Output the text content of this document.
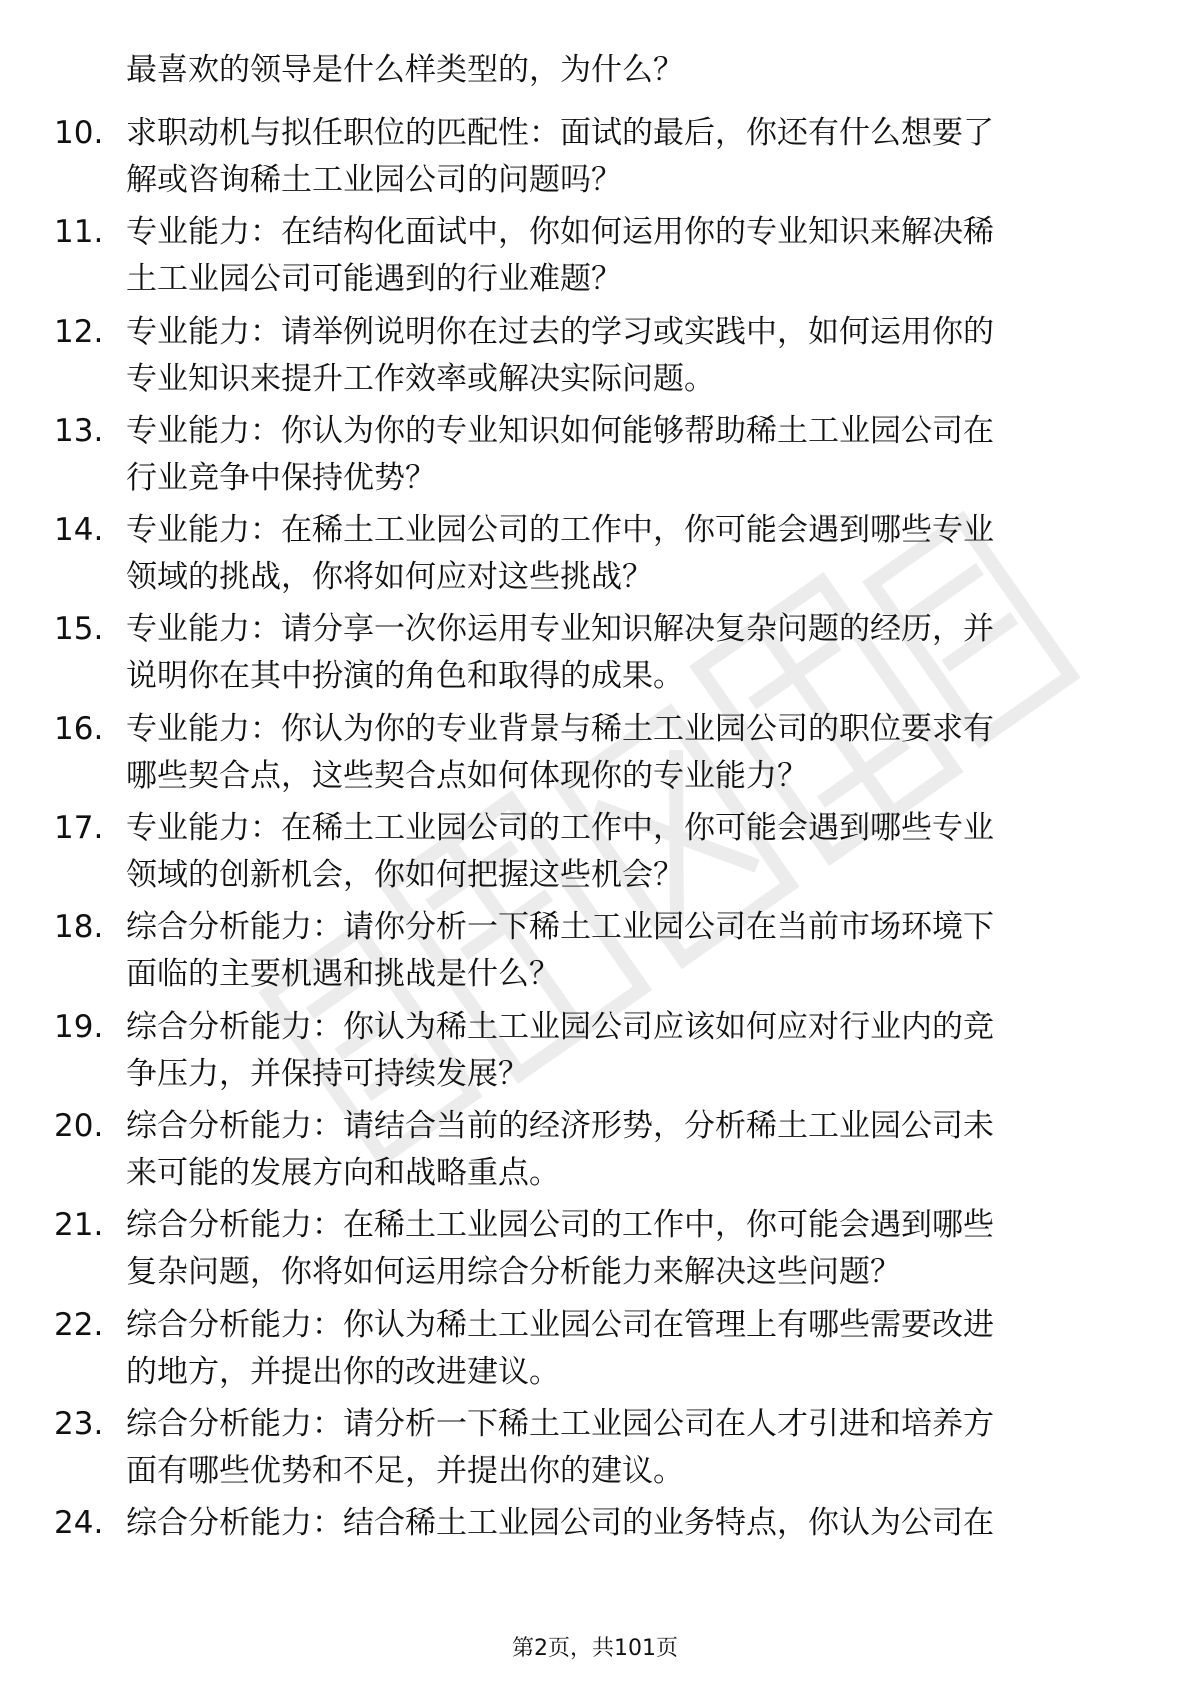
最喜欢的领导是什么样类型的，为什么？
10. 求职动机与拟任职位的匹配性：面试的最后，你还有什么想要了
解或咨询稀土工业园公司的问题吗？
11. 专业能力：在结构化面试中，你如何运用你的专业知识来解决稀
土工业园公司可能遇到的行业难题？
12. 专业能力：请举例说明你在过去的学习或实践中，如何运用你的
专业知识来提升工作效率或解决实际问题。
13. 专业能力：你认为你的专业知识如何能够帮助稀土工业园公司在
行业竞争中保持优势？
14. 专业能力：在稀土工业园公司的工作中，你可能会遇到哪些专业
领域的挑战，你将如何应对这些挑战？
15. 专业能力：请分享一次你运用专业知识解决复杂问题的经历，并
说明你在其中扮演的角色和取得的成果。
16. 专业能力：你认为你的专业背景与稀土工业园公司的职位要求有
哪些契合点，这些契合点如何体现你的专业能力？
17. 专业能力：在稀土工业园公司的工作中，你可能会遇到哪些专业
领域的创新机会，你如何把握这些机会？
18. 综合分析能力：请你分析一下稀土工业园公司在当前市场环境下
面临的主要机遇和挑战是什么？
19. 综合分析能力：你认为稀土工业园公司应该如何应对行业内的竞
争压力，并保持可持续发展？
20. 综合分析能力：请结合当前的经济形势，分析稀土工业园公司未
来可能的发展方向和战略重点。
21. 综合分析能力：在稀土工业园公司的工作中，你可能会遇到哪些
复杂问题，你将如何运用综合分析能力来解决这些问题？
22. 综合分析能力：你认为稀土工业园公司在管理上有哪些需要改进
的地方，并提出你的改进建议。
23. 综合分析能力：请分析一下稀土工业园公司在人才引进和培养方
面有哪些优势和不足，并提出你的建议。
24. 综合分析能力：结合稀土工业园公司的业务特点，你认为公司在
第2页，共101页
